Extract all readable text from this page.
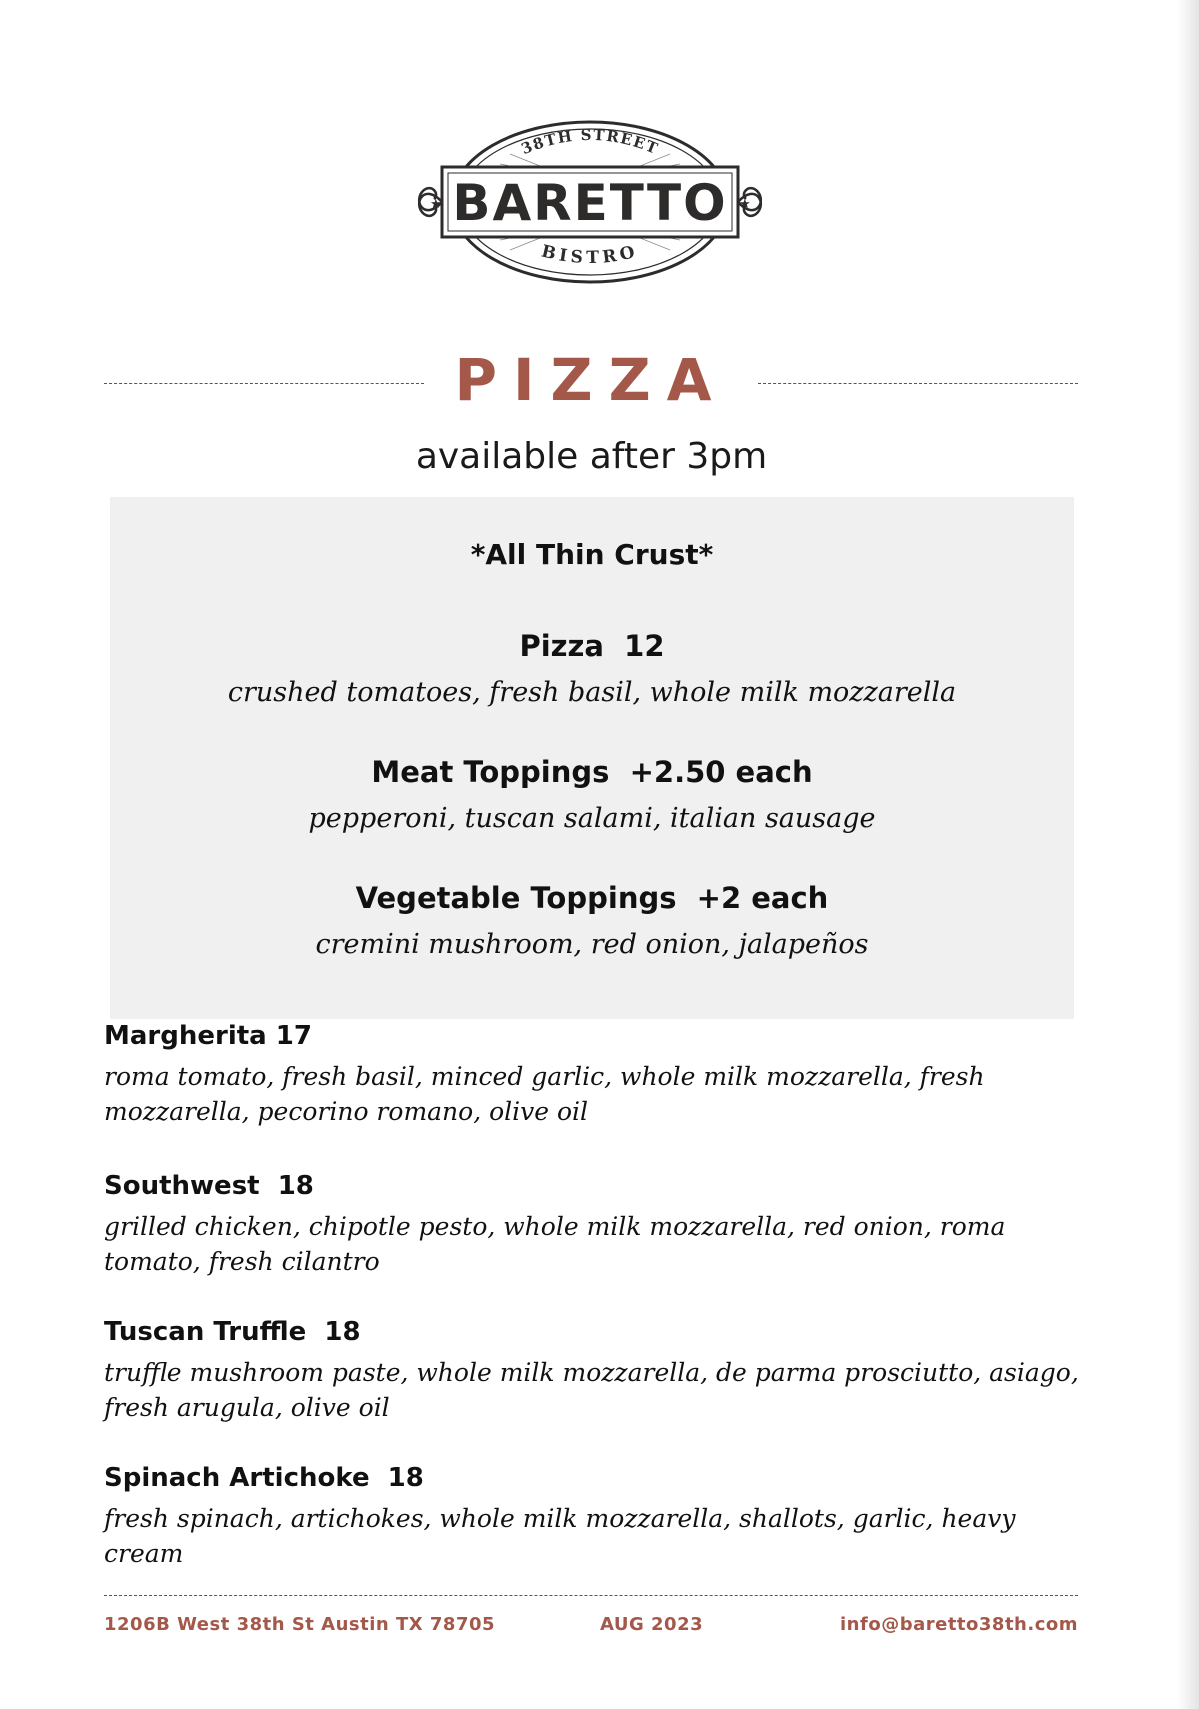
★	★
38TH STREET
BARETTO
BISTRO
PIZZA
available after 3pm
*All Thin Crust*
Pizza  12
crushed tomatoes, fresh basil, whole milk mozzarella
Meat Toppings  +2.50 each
pepperoni, tuscan salami, italian sausage
Vegetable Toppings  +2 each
cremini mushroom, red onion, jalapeños
Margherita 17
roma tomato, fresh basil, minced garlic, whole milk mozzarella, fresh mozzarella, pecorino romano, olive oil
Southwest  18
grilled chicken, chipotle pesto, whole milk mozzarella, red onion, roma tomato, fresh cilantro
Tuscan Truffle  18
truffle mushroom paste, whole milk mozzarella, de parma prosciutto, asiago, fresh arugula, olive oil
Spinach Artichoke  18
fresh spinach, artichokes, whole milk mozzarella, shallots, garlic, heavy cream
1206B West 38th St Austin TX 78705	AUG 2023	info@baretto38th.com
